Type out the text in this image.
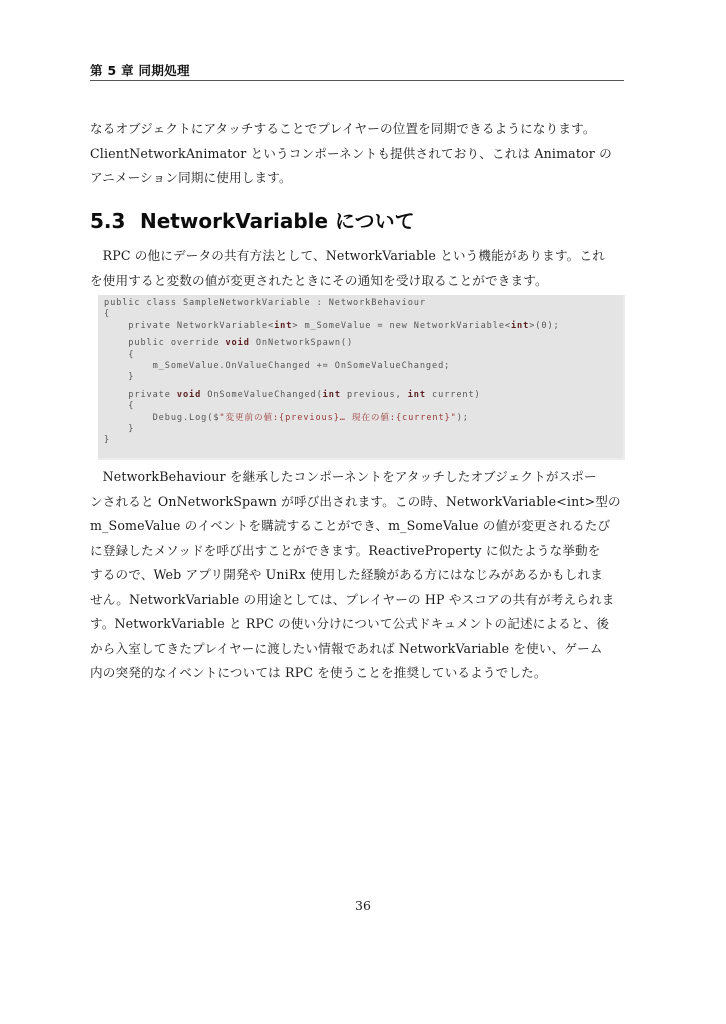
第 5 章 同期処理
なるオブジェクトにアタッチすることでプレイヤーの位置を同期できるようになります。
ClientNetworkAnimator というコンポーネントも提供されており、これは Animator の
アニメーション同期に使用します。
5.3 NetworkVariable について
RPC の他にデータの共有方法として、NetworkVariable という機能があります。これ
を使用すると変数の値が変更されたときにその通知を受け取ることができます。
public class SampleNetworkVariable : NetworkBehaviour
{
private NetworkVariable<int> m_SomeValue = new NetworkVariable<int>(0);
public override void OnNetworkSpawn()
{
m_SomeValue.OnValueChanged += OnSomeValueChanged;
}
private void OnSomeValueChanged(int previous, int current)
{
Debug.Log($"変更前の値:{previous}… 現在の値:{current}");
}
}
NetworkBehaviour を継承したコンポーネントをアタッチしたオブジェクトがスポー
ンされると OnNetworkSpawn が呼び出されます。この時、NetworkVariable<int>型の
m_SomeValue のイベントを購読することができ、m_SomeValue の値が変更されるたび
に登録したメソッドを呼び出すことができます。ReactiveProperty に似たような挙動を
するので、Web アプリ開発や UniRx 使用した経験がある方にはなじみがあるかもしれま
せん。NetworkVariable の用途としては、プレイヤーの HP やスコアの共有が考えられま
す。NetworkVariable と RPC の使い分けについて公式ドキュメントの記述によると、後
から入室してきたプレイヤーに渡したい情報であれば NetworkVariable を使い、ゲーム
内の突発的なイベントについては RPC を使うことを推奨しているようでした。
36
